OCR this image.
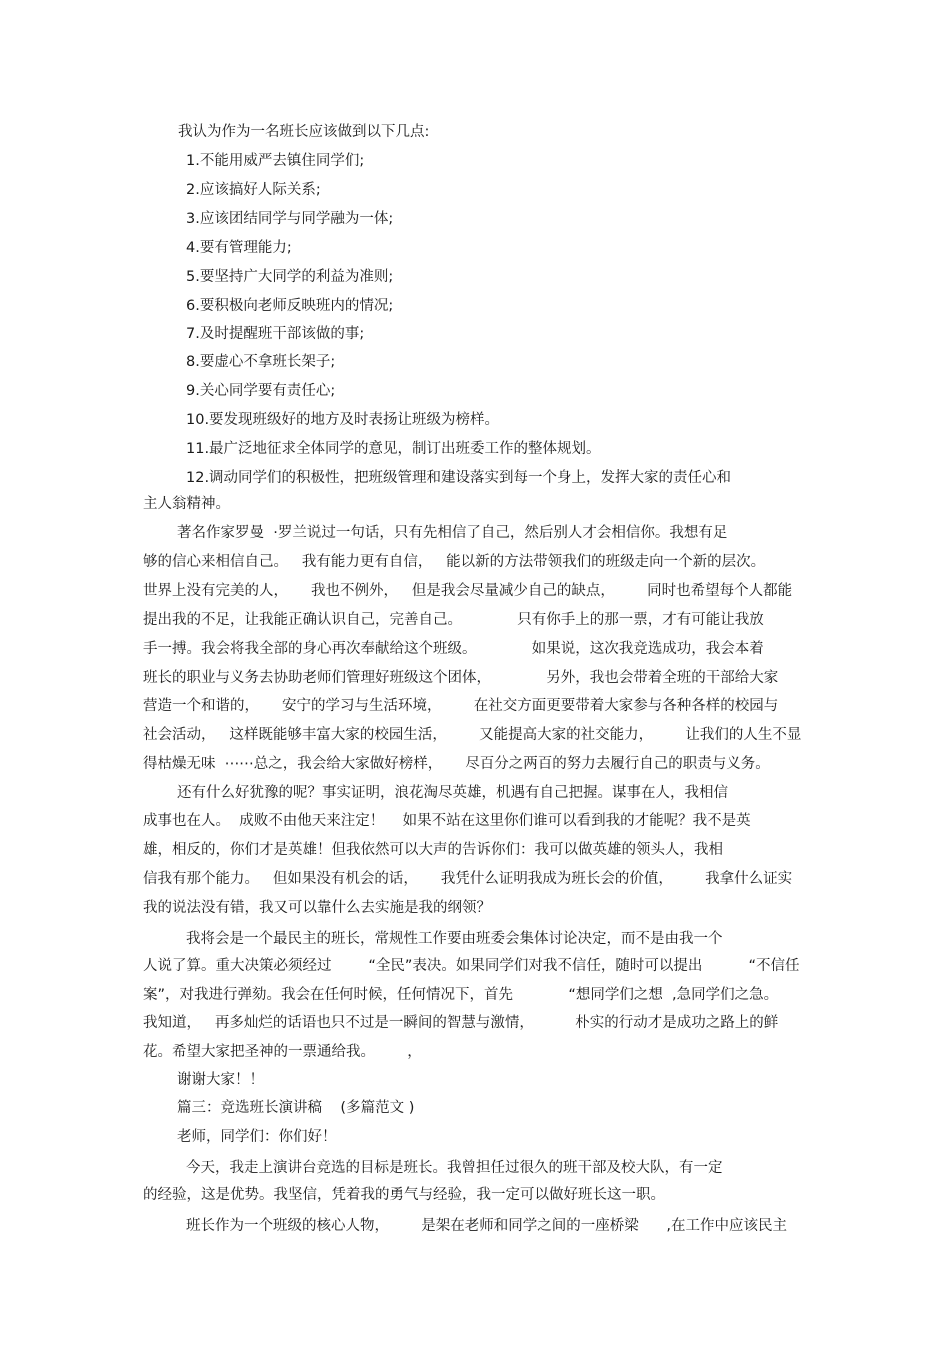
我认为作为一名班长应该做到以下几点:
1.不能用威严去镇住同学们;
2.应该搞好人际关系;
3.应该团结同学与同学融为一体;
4.要有管理能力;
5.要坚持广大同学的利益为准则;
6.要积极向老师反映班内的情况;
7.及时提醒班干部该做的事;
8.要虚心不拿班长架子;
9.关心同学要有责任心;
10.要发现班级好的地方及时表扬让班级为榜样。
11.最广泛地征求全体同学的意见，制订出班委工作的整体规划。
12.调动同学们的积极性，把班级管理和建设落实到每一个身上，发挥大家的责任心和
主人翁精神。
著名作家罗曼  ·罗兰说过一句话，只有先相信了自己，然后别人才会相信你。我想有足
够的信心来相信自己。   我有能力更有自信，   能以新的方法带领我们的班级走向一个新的层次。
世界上没有完美的人，     我也不例外，   但是我会尽量减少自己的缺点，       同时也希望每个人都能
提出我的不足，让我能正确认识自己，完善自己。            只有你手上的那一票，才有可能让我放
手一搏。我会将我全部的身心再次奉献给这个班级。            如果说，这次我竞选成功，我会本着
班长的职业与义务去协助老师们管理好班级这个团体，            另外，我也会带着全班的干部给大家
营造一个和谐的，     安宁的学习与生活环境，       在社交方面更要带着大家参与各种各样的校园与
社会活动，   这样既能够丰富大家的校园生活，       又能提高大家的社交能力，       让我们的人生不显
得枯燥无味  ⋯⋯总之，我会给大家做好榜样，     尽百分之两百的努力去履行自己的职责与义务。
还有什么好犹豫的呢？事实证明，浪花淘尽英雄，机遇有自己把握。谋事在人，我相信
成事也在人。  成败不由他天来注定！    如果不站在这里你们谁可以看到我的才能呢？我不是英
雄，相反的，你们才是英雄！但我依然可以大声的告诉你们：我可以做英雄的领头人，我相
信我有那个能力。   但如果没有机会的话，     我凭什么证明我成为班长会的价值，       我拿什么证实
我的说法没有错，我又可以靠什么去实施是我的纲领？
我将会是一个最民主的班长，常规性工作要由班委会集体讨论决定，而不是由我一个
人说了算。重大决策必须经过        “全民”表决。如果同学们对我不信任，随时可以提出          “不信任
案”，对我进行弹劾。我会在任何时候，任何情况下，首先            “想同学们之想  ,急同学们之急。
我知道，   再多灿烂的话语也只不过是一瞬间的智慧与激情，         朴实的行动才是成功之路上的鲜
花。希望大家把圣神的一票通给我。       ，
谢谢大家！！
篇三：竞选班长演讲稿    (多篇范文 )
老师，同学们：你们好！
今天，我走上演讲台竞选的目标是班长。我曾担任过很久的班干部及校大队，有一定
的经验，这是优势。我坚信，凭着我的勇气与经验，我一定可以做好班长这一职。
班长作为一个班级的核心人物，       是架在老师和同学之间的一座桥梁      ,在工作中应该民主
